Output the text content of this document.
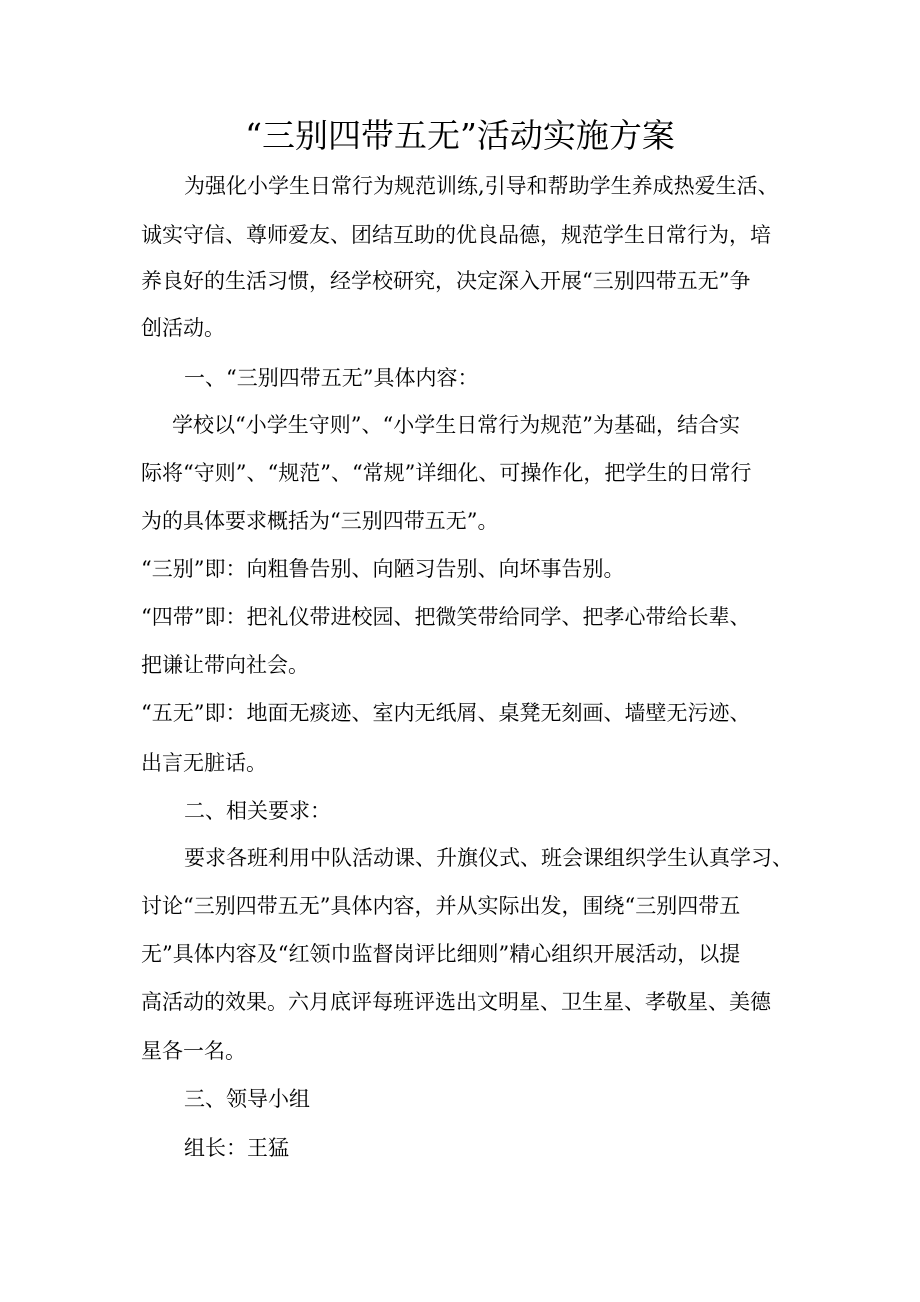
“三别四带五无”活动实施方案

为强化小学生日常行为规范训练,引导和帮助学生养成热爱生活、

诚实守信、尊师爱友、团结互助的优良品德，规范学生日常行为，培

养良好的生活习惯，经学校研究，决定深入开展“三别四带五无”争

创活动。

一、“三别四带五无”具体内容：

学校以“小学生守则”、“小学生日常行为规范”为基础，结合实

际将“守则”、“规范”、“常规”详细化、可操作化，把学生的日常行

为的具体要求概括为“三别四带五无”。

“三别”即：向粗鲁告别、向陋习告别、向坏事告别。

“四带”即：把礼仪带进校园、把微笑带给同学、把孝心带给长辈、

把谦让带向社会。

“五无”即：地面无痰迹、室内无纸屑、桌凳无刻画、墙壁无污迹、

出言无脏话。

二、相关要求：

要求各班利用中队活动课、升旗仪式、班会课组织学生认真学习、

讨论“三别四带五无”具体内容，并从实际出发，围绕“三别四带五

无”具体内容及“红领巾监督岗评比细则”精心组织开展活动，以提

高活动的效果。六月底评每班评选出文明星、卫生星、孝敬星、美德

星各一名。

三、领导小组

组长：王猛
